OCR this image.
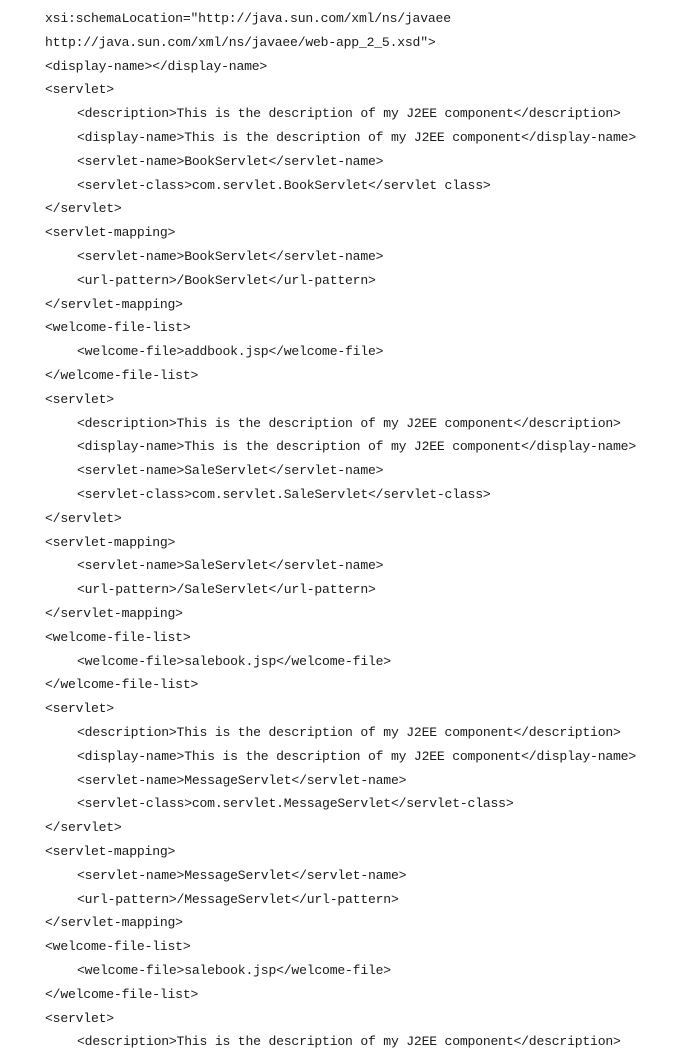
xsi:schemaLocation="http://java.sun.com/xml/ns/javaee
http://java.sun.com/xml/ns/javaee/web-app_2_5.xsd">
<display-name></display-name>
<servlet>
<description>This is the description of my J2EE component</description>
<display-name>This is the description of my J2EE component</display-name>
<servlet-name>BookServlet</servlet-name>
<servlet-class>com.servlet.BookServlet</servlet class>
</servlet>
<servlet-mapping>
<servlet-name>BookServlet</servlet-name>
<url-pattern>/BookServlet</url-pattern>
</servlet-mapping>
<welcome-file-list>
<welcome-file>addbook.jsp</welcome-file>
</welcome-file-list>
<servlet>
<description>This is the description of my J2EE component</description>
<display-name>This is the description of my J2EE component</display-name>
<servlet-name>SaleServlet</servlet-name>
<servlet-class>com.servlet.SaleServlet</servlet-class>
</servlet>
<servlet-mapping>
<servlet-name>SaleServlet</servlet-name>
<url-pattern>/SaleServlet</url-pattern>
</servlet-mapping>
<welcome-file-list>
<welcome-file>salebook.jsp</welcome-file>
</welcome-file-list>
<servlet>
<description>This is the description of my J2EE component</description>
<display-name>This is the description of my J2EE component</display-name>
<servlet-name>MessageServlet</servlet-name>
<servlet-class>com.servlet.MessageServlet</servlet-class>
</servlet>
<servlet-mapping>
<servlet-name>MessageServlet</servlet-name>
<url-pattern>/MessageServlet</url-pattern>
</servlet-mapping>
<welcome-file-list>
<welcome-file>salebook.jsp</welcome-file>
</welcome-file-list>
<servlet>
<description>This is the description of my J2EE component</description>
